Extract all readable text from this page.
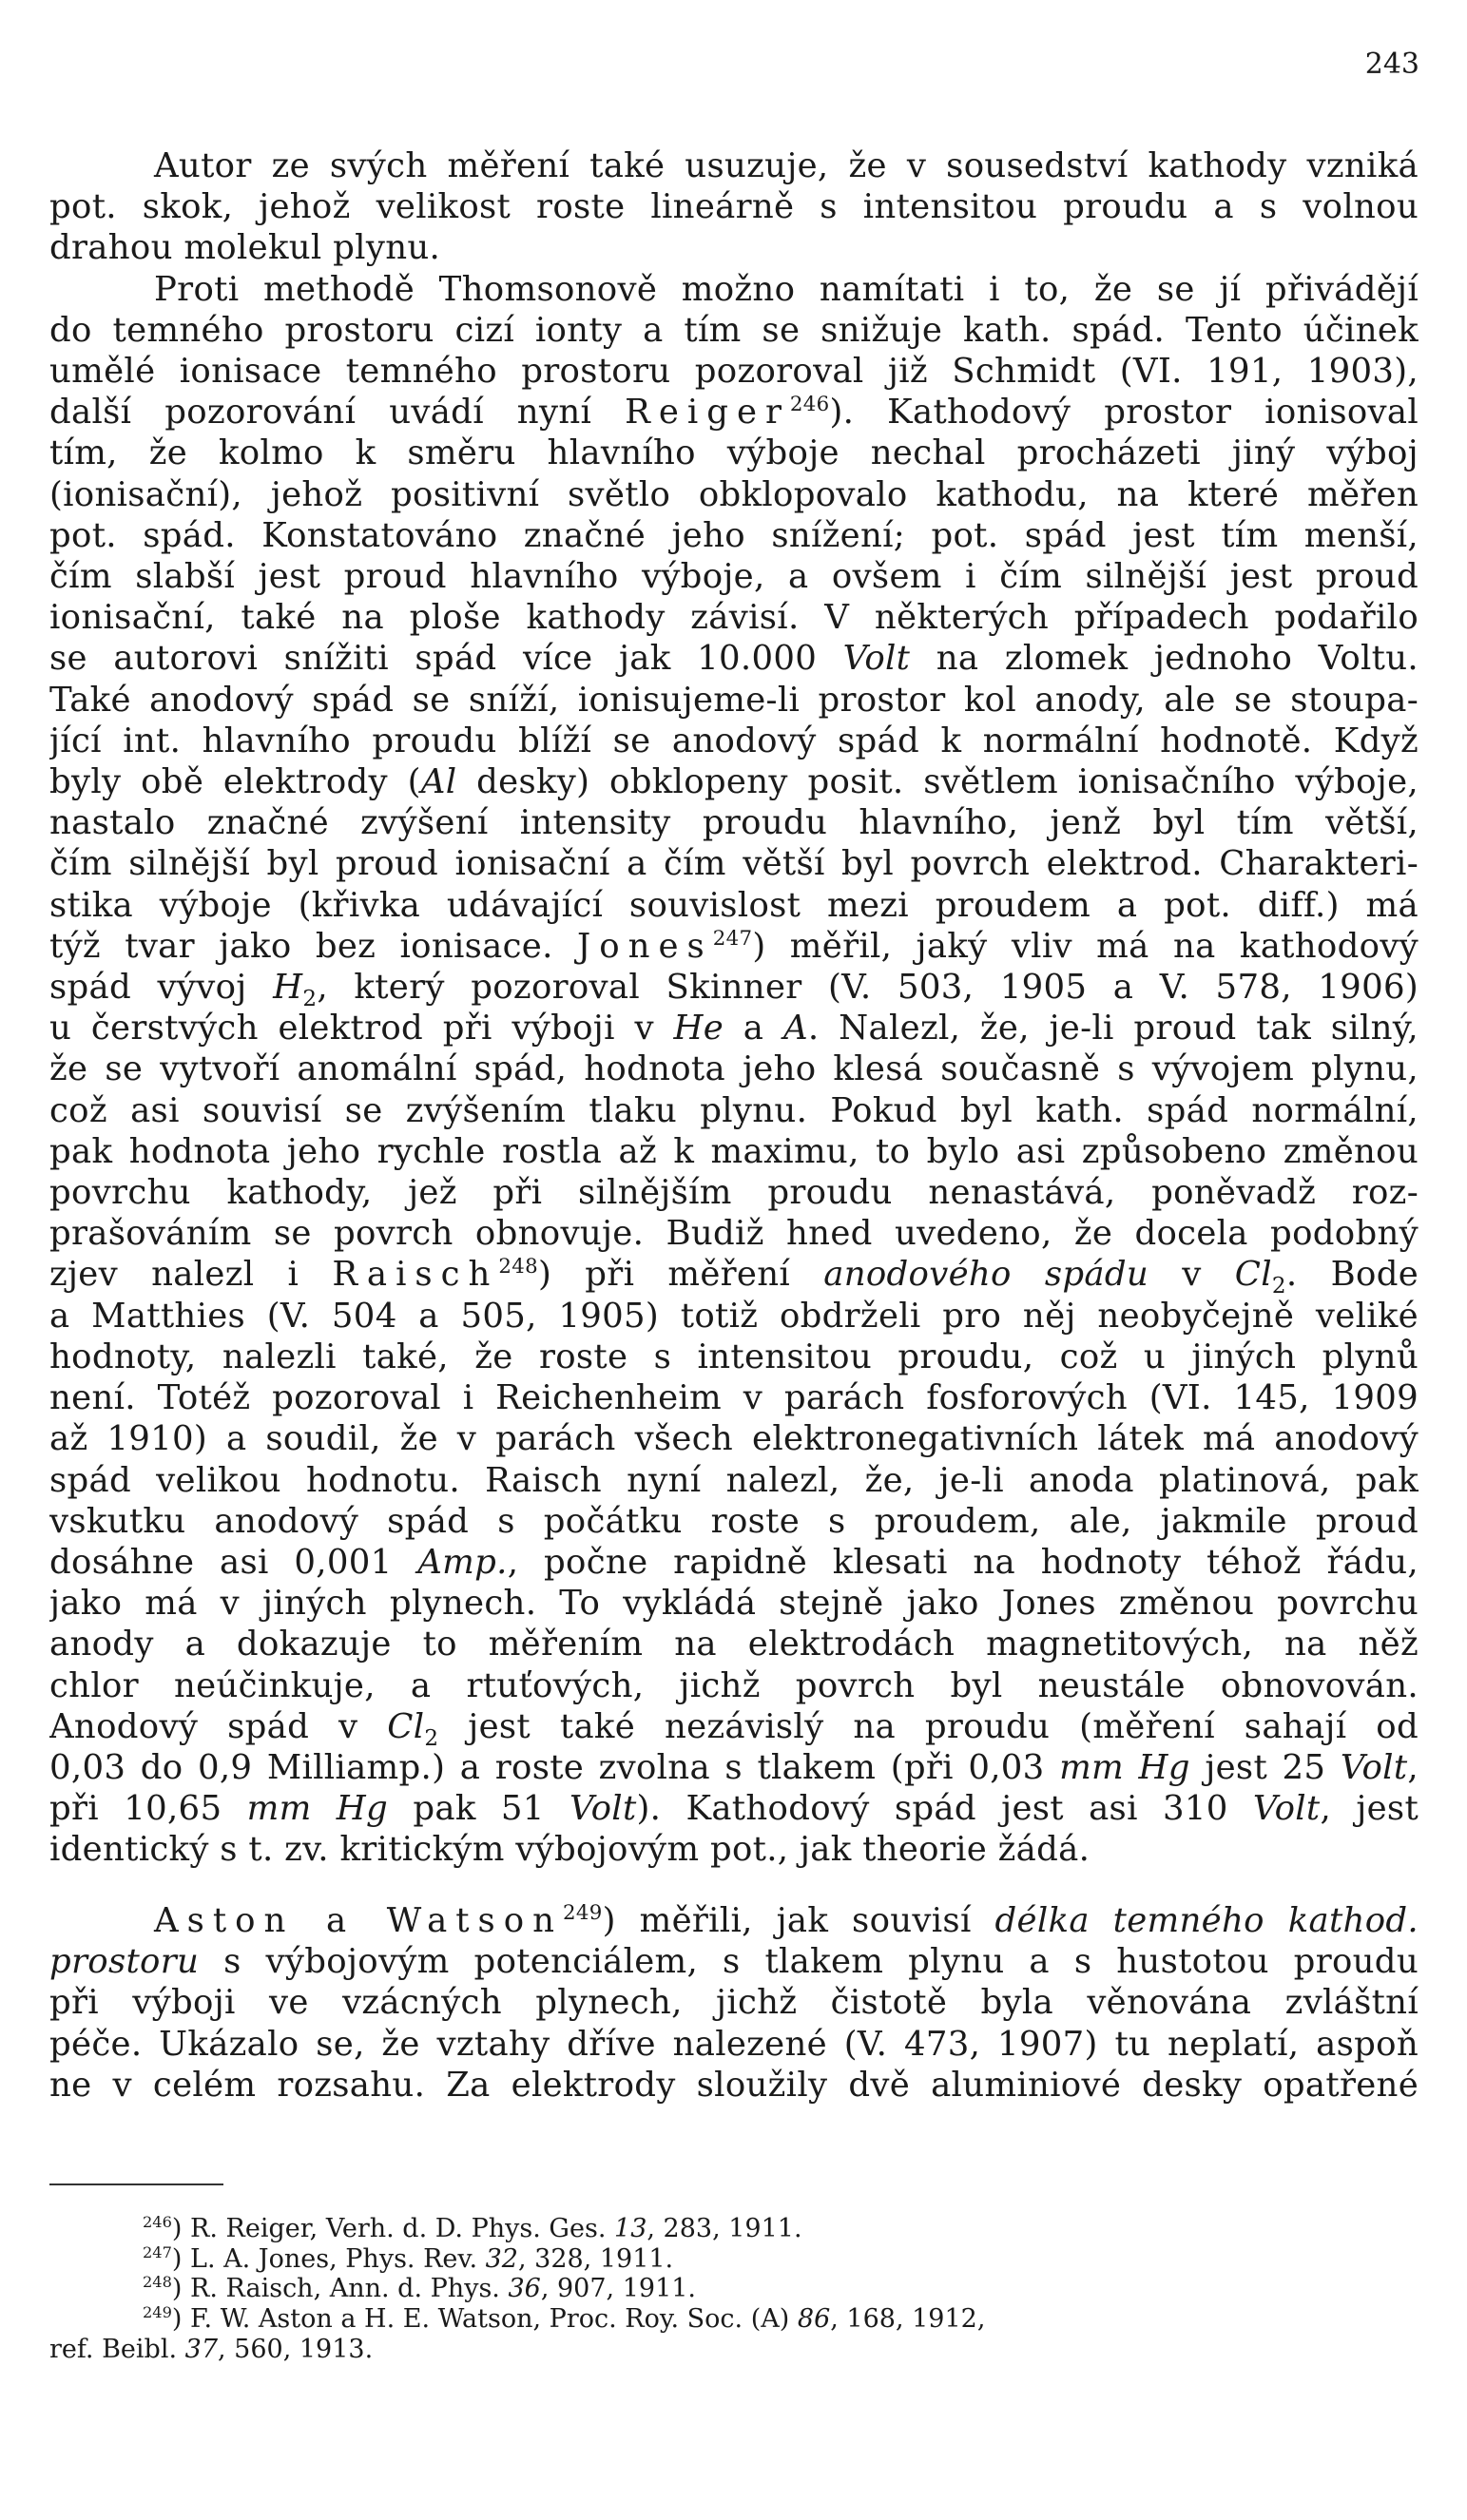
243
Autor ze svých měření také usuzuje, že v sousedství kathody vzniká
pot. skok, jehož velikost roste lineárně s intensitou proudu a s volnou
drahou molekul plynu.
Proti methodě Thomsonově možno namítati i to, že se jí přivádějí
do temného prostoru cizí ionty a tím se snižuje kath. spád. Tento účinek
umělé ionisace temného prostoru pozoroval již Schmidt (VI. 191, 1903),
další pozorování uvádí nyní Reiger$^{246}$). Kathodový prostor ionisoval
tím, že kolmo k směru hlavního výboje nechal procházeti jiný výboj
(ionisační), jehož positivní světlo obklopovalo kathodu, na které měřen
pot. spád. Konstatováno značné jeho snížení; pot. spád jest tím menší,
čím slabší jest proud hlavního výboje, a ovšem i čím silnější jest proud
ionisační, také na ploše kathody závisí. V některých případech podařilo
se autorovi snížiti spád více jak 10.000 Volt na zlomek jednoho Voltu.
Také anodový spád se sníží, ionisujeme-li prostor kol anody, ale se stoupa-
jící int. hlavního proudu blíží se anodový spád k normální hodnotě. Když
byly obě elektrody (Al desky) obklopeny posit. světlem ionisačního výboje,
nastalo značné zvýšení intensity proudu hlavního, jenž byl tím větší,
čím silnější byl proud ionisační a čím větší byl povrch elektrod. Charakteri-
stika výboje (křivka udávající souvislost mezi proudem a pot. diff.) má
týž tvar jako bez ionisace. Jones$^{247}$) měřil, jaký vliv má na kathodový
spád vývoj $H_2$, který pozoroval Skinner (V. 503, 1905 a V. 578, 1906)
u čerstvých elektrod při výboji v He a A. Nalezl, že, je-li proud tak silný,
že se vytvoří anomální spád, hodnota jeho klesá současně s vývojem plynu,
což asi souvisí se zvýšením tlaku plynu. Pokud byl kath. spád normální,
pak hodnota jeho rychle rostla až k maximu, to bylo asi způsobeno změnou
povrchu kathody, jež při silnějším proudu nenastává, poněvadž roz-
prašováním se povrch obnovuje. Budiž hned uvedeno, že docela podobný
zjev nalezl i Raisch$^{248}$) při měření anodového spádu v $Cl_2$. Bode
a Matthies (V. 504 a 505, 1905) totiž obdrželi pro něj neobyčejně veliké
hodnoty, nalezli také, že roste s intensitou proudu, což u jiných plynů
není. Totéž pozoroval i Reichenheim v parách fosforových (VI. 145, 1909
až 1910) a soudil, že v parách všech elektronegativních látek má anodový
spád velikou hodnotu. Raisch nyní nalezl, že, je-li anoda platinová, pak
vskutku anodový spád s počátku roste s proudem, ale, jakmile proud
dosáhne asi 0,001 Amp., počne rapidně klesati na hodnoty téhož řádu,
jako má v jiných plynech. To vykládá stejně jako Jones změnou povrchu
anody a dokazuje to měřením na elektrodách magnetitových, na něž
chlor neúčinkuje, a rtuťových, jichž povrch byl neustále obnovován.
Anodový spád v $Cl_2$ jest také nezávislý na proudu (měření sahají od
0,03 do 0,9 Milliamp.) a roste zvolna s tlakem (při 0,03 mm Hg jest 25 Volt,
při 10,65 mm Hg pak 51 Volt). Kathodový spád jest asi 310 Volt, jest
identický s t. zv. kritickým výbojovým pot., jak theorie žádá.
Aston a Watson$^{249}$) měřili, jak souvisí délka temného kathod.
prostoru s výbojovým potenciálem, s tlakem plynu a s hustotou proudu
při výboji ve vzácných plynech, jichž čistotě byla věnována zvláštní
péče. Ukázalo se, že vztahy dříve nalezené (V. 473, 1907) tu neplatí, aspoň
ne v celém rozsahu. Za elektrody sloužily dvě aluminiové desky opatřené
$^{246}$) R. Reiger, Verh. d. D. Phys. Ges. 13, 283, 1911.
$^{247}$) L. A. Jones, Phys. Rev. 32, 328, 1911.
$^{248}$) R. Raisch, Ann. d. Phys. 36, 907, 1911.
$^{249}$) F. W. Aston a H. E. Watson, Proc. Roy. Soc. (A) 86, 168, 1912,
ref. Beibl. 37, 560, 1913.
